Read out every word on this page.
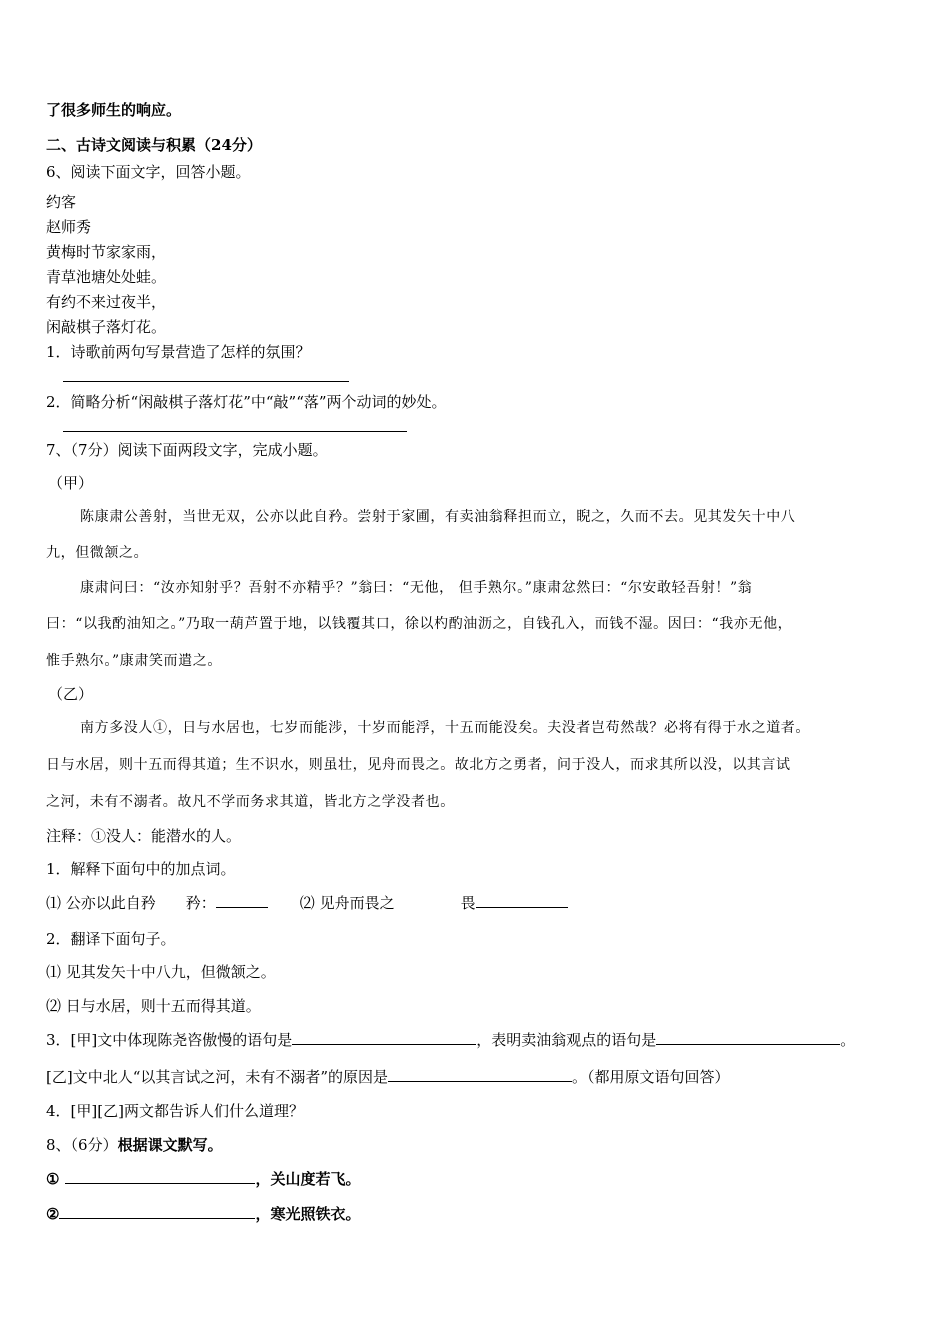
了很多师生的响应。
二、古诗文阅读与积累（24分）
6、阅读下面文字，回答小题。
约客
赵师秀
黄梅时节家家雨，
青草池塘处处蛙。
有约不来过夜半，
闲敲棋子落灯花。
1．诗歌前两句写景营造了怎样的氛围？
2．简略分析“闲敲棋子落灯花”中“敲”“落”两个动词的妙处。
7、（7分）阅读下面两段文字，完成小题。
（甲）
陈康肃公善射，当世无双，公亦以此自矜。尝射于家圃，有卖油翁释担而立，睨之，久而不去。见其发矢十中八
九，但微颔之。
康肃问曰：“汝亦知射乎？吾射不亦精乎？”翁曰：“无他， 但手熟尔。”康肃忿然曰：“尔安敢轻吾射！”翁
曰：“以我酌油知之。”乃取一葫芦置于地，以钱覆其口，徐以杓酌油沥之，自钱孔入，而钱不湿。因曰：“我亦无他，
惟手熟尔。”康肃笑而遣之。
（乙）
南方多没人①，日与水居也，七岁而能涉，十岁而能浮，十五而能没矣。夫没者岂苟然哉？必将有得于水之道者。
日与水居，则十五而得其道；生不识水，则虽壮，见舟而畏之。故北方之勇者，问于没人，而求其所以没，以其言试
之河，未有不溺者。故凡不学而务求其道，皆北方之学没者也。
注释：①没人：能潜水的人。
1．解释下面句中的加点词。
⑴ 公亦以此自矜 矜：	⑵ 见舟而畏之	畏
2．翻译下面句子。
⑴ 见其发矢十中八九，但微颔之。
⑵ 日与水居，则十五而得其道。
3．[甲]文中体现陈尧咨傲慢的语句是	，表明卖油翁观点的语句是	。
[乙]文中北人“以其言试之河，未有不溺者”的原因是	。（都用原文语句回答）
4．[甲][乙]两文都告诉人们什么道理？
8、（6分）根据课文默写。
①	，关山度若飞。
②	，寒光照铁衣。
